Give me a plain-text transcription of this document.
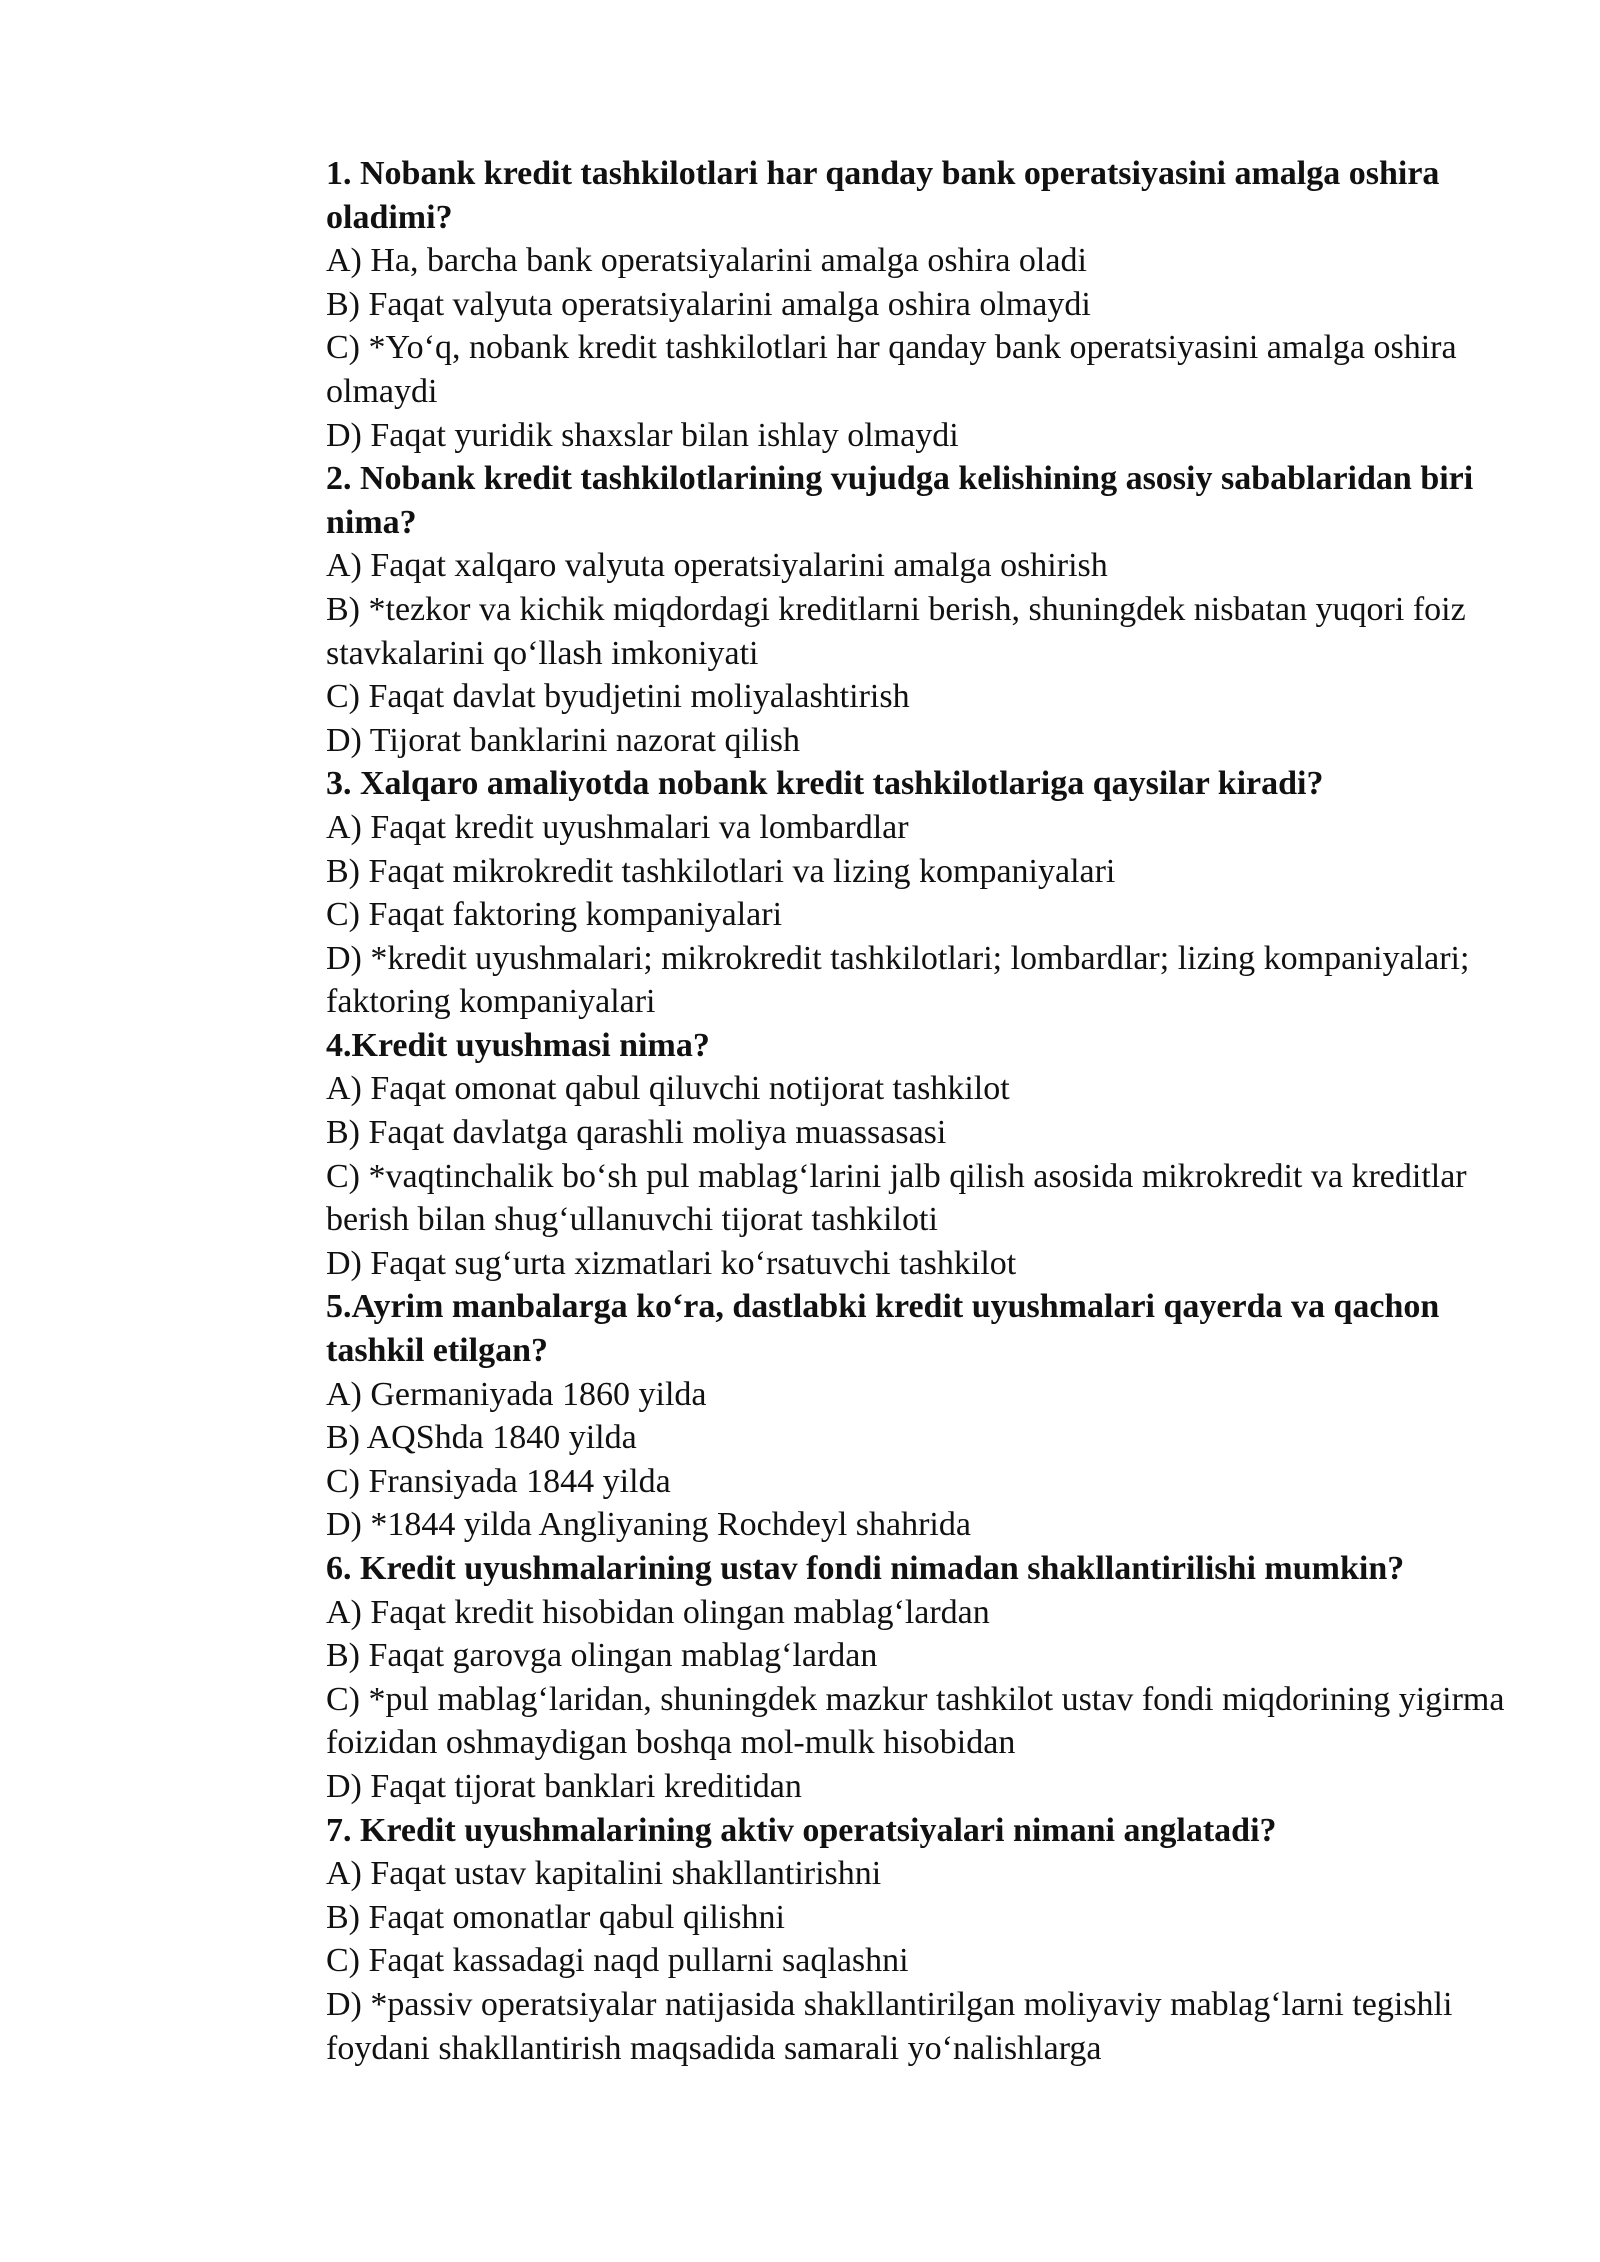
1. Nobank kredit tashkilotlari har qanday bank operatsiyasini amalga oshira oladimi?

A) Ha, barcha bank operatsiyalarini amalga oshira oladi

B) Faqat valyuta operatsiyalarini amalga oshira olmaydi

C) *Yo‘q, nobank kredit tashkilotlari har qanday bank operatsiyasini amalga oshira olmaydi

D) Faqat yuridik shaxslar bilan ishlay olmaydi

2. Nobank kredit tashkilotlarining vujudga kelishining asosiy sabablaridan biri nima?

A) Faqat xalqaro valyuta operatsiyalarini amalga oshirish

B) *tezkor va kichik miqdordagi kreditlarni berish, shuningdek nisbatan yuqori foiz stavkalarini qo‘llash imkoniyati

C) Faqat davlat byudjetini moliyalashtirish

D) Tijorat banklarini nazorat qilish

3. Xalqaro amaliyotda nobank kredit tashkilotlariga qaysilar kiradi?

A) Faqat kredit uyushmalari va lombardlar

B) Faqat mikrokredit tashkilotlari va lizing kompaniyalari

C) Faqat faktoring kompaniyalari

D) *kredit uyushmalari; mikrokredit tashkilotlari; lombardlar; lizing kompaniyalari; faktoring kompaniyalari

4.Kredit uyushmasi nima?

A) Faqat omonat qabul qiluvchi notijorat tashkilot

B) Faqat davlatga qarashli moliya muassasasi

C) *vaqtinchalik bo‘sh pul mablag‘larini jalb qilish asosida mikrokredit va kreditlar berish bilan shug‘ullanuvchi tijorat tashkiloti

D) Faqat sug‘urta xizmatlari ko‘rsatuvchi tashkilot

5.Ayrim manbalarga ko‘ra, dastlabki kredit uyushmalari qayerda va qachon tashkil etilgan?

A) Germaniyada 1860 yilda

B) AQShda 1840 yilda

C) Fransiyada 1844 yilda

D) *1844 yilda Angliyaning Rochdeyl shahrida

6. Kredit uyushmalarining ustav fondi nimadan shakllantirilishi mumkin?

A) Faqat kredit hisobidan olingan mablag‘lardan

B) Faqat garovga olingan mablag‘lardan

C) *pul mablag‘laridan, shuningdek mazkur tashkilot ustav fondi miqdorining yigirma foizidan oshmaydigan boshqa mol-mulk hisobidan

D) Faqat tijorat banklari kreditidan

7. Kredit uyushmalarining aktiv operatsiyalari nimani anglatadi?

A) Faqat ustav kapitalini shakllantirishni

B) Faqat omonatlar qabul qilishni

C) Faqat kassadagi naqd pullarni saqlashni

D) *passiv operatsiyalar natijasida shakllantirilgan moliyaviy mablag‘larni tegishli foydani shakllantirish maqsadida samarali yo‘nalishlarga
